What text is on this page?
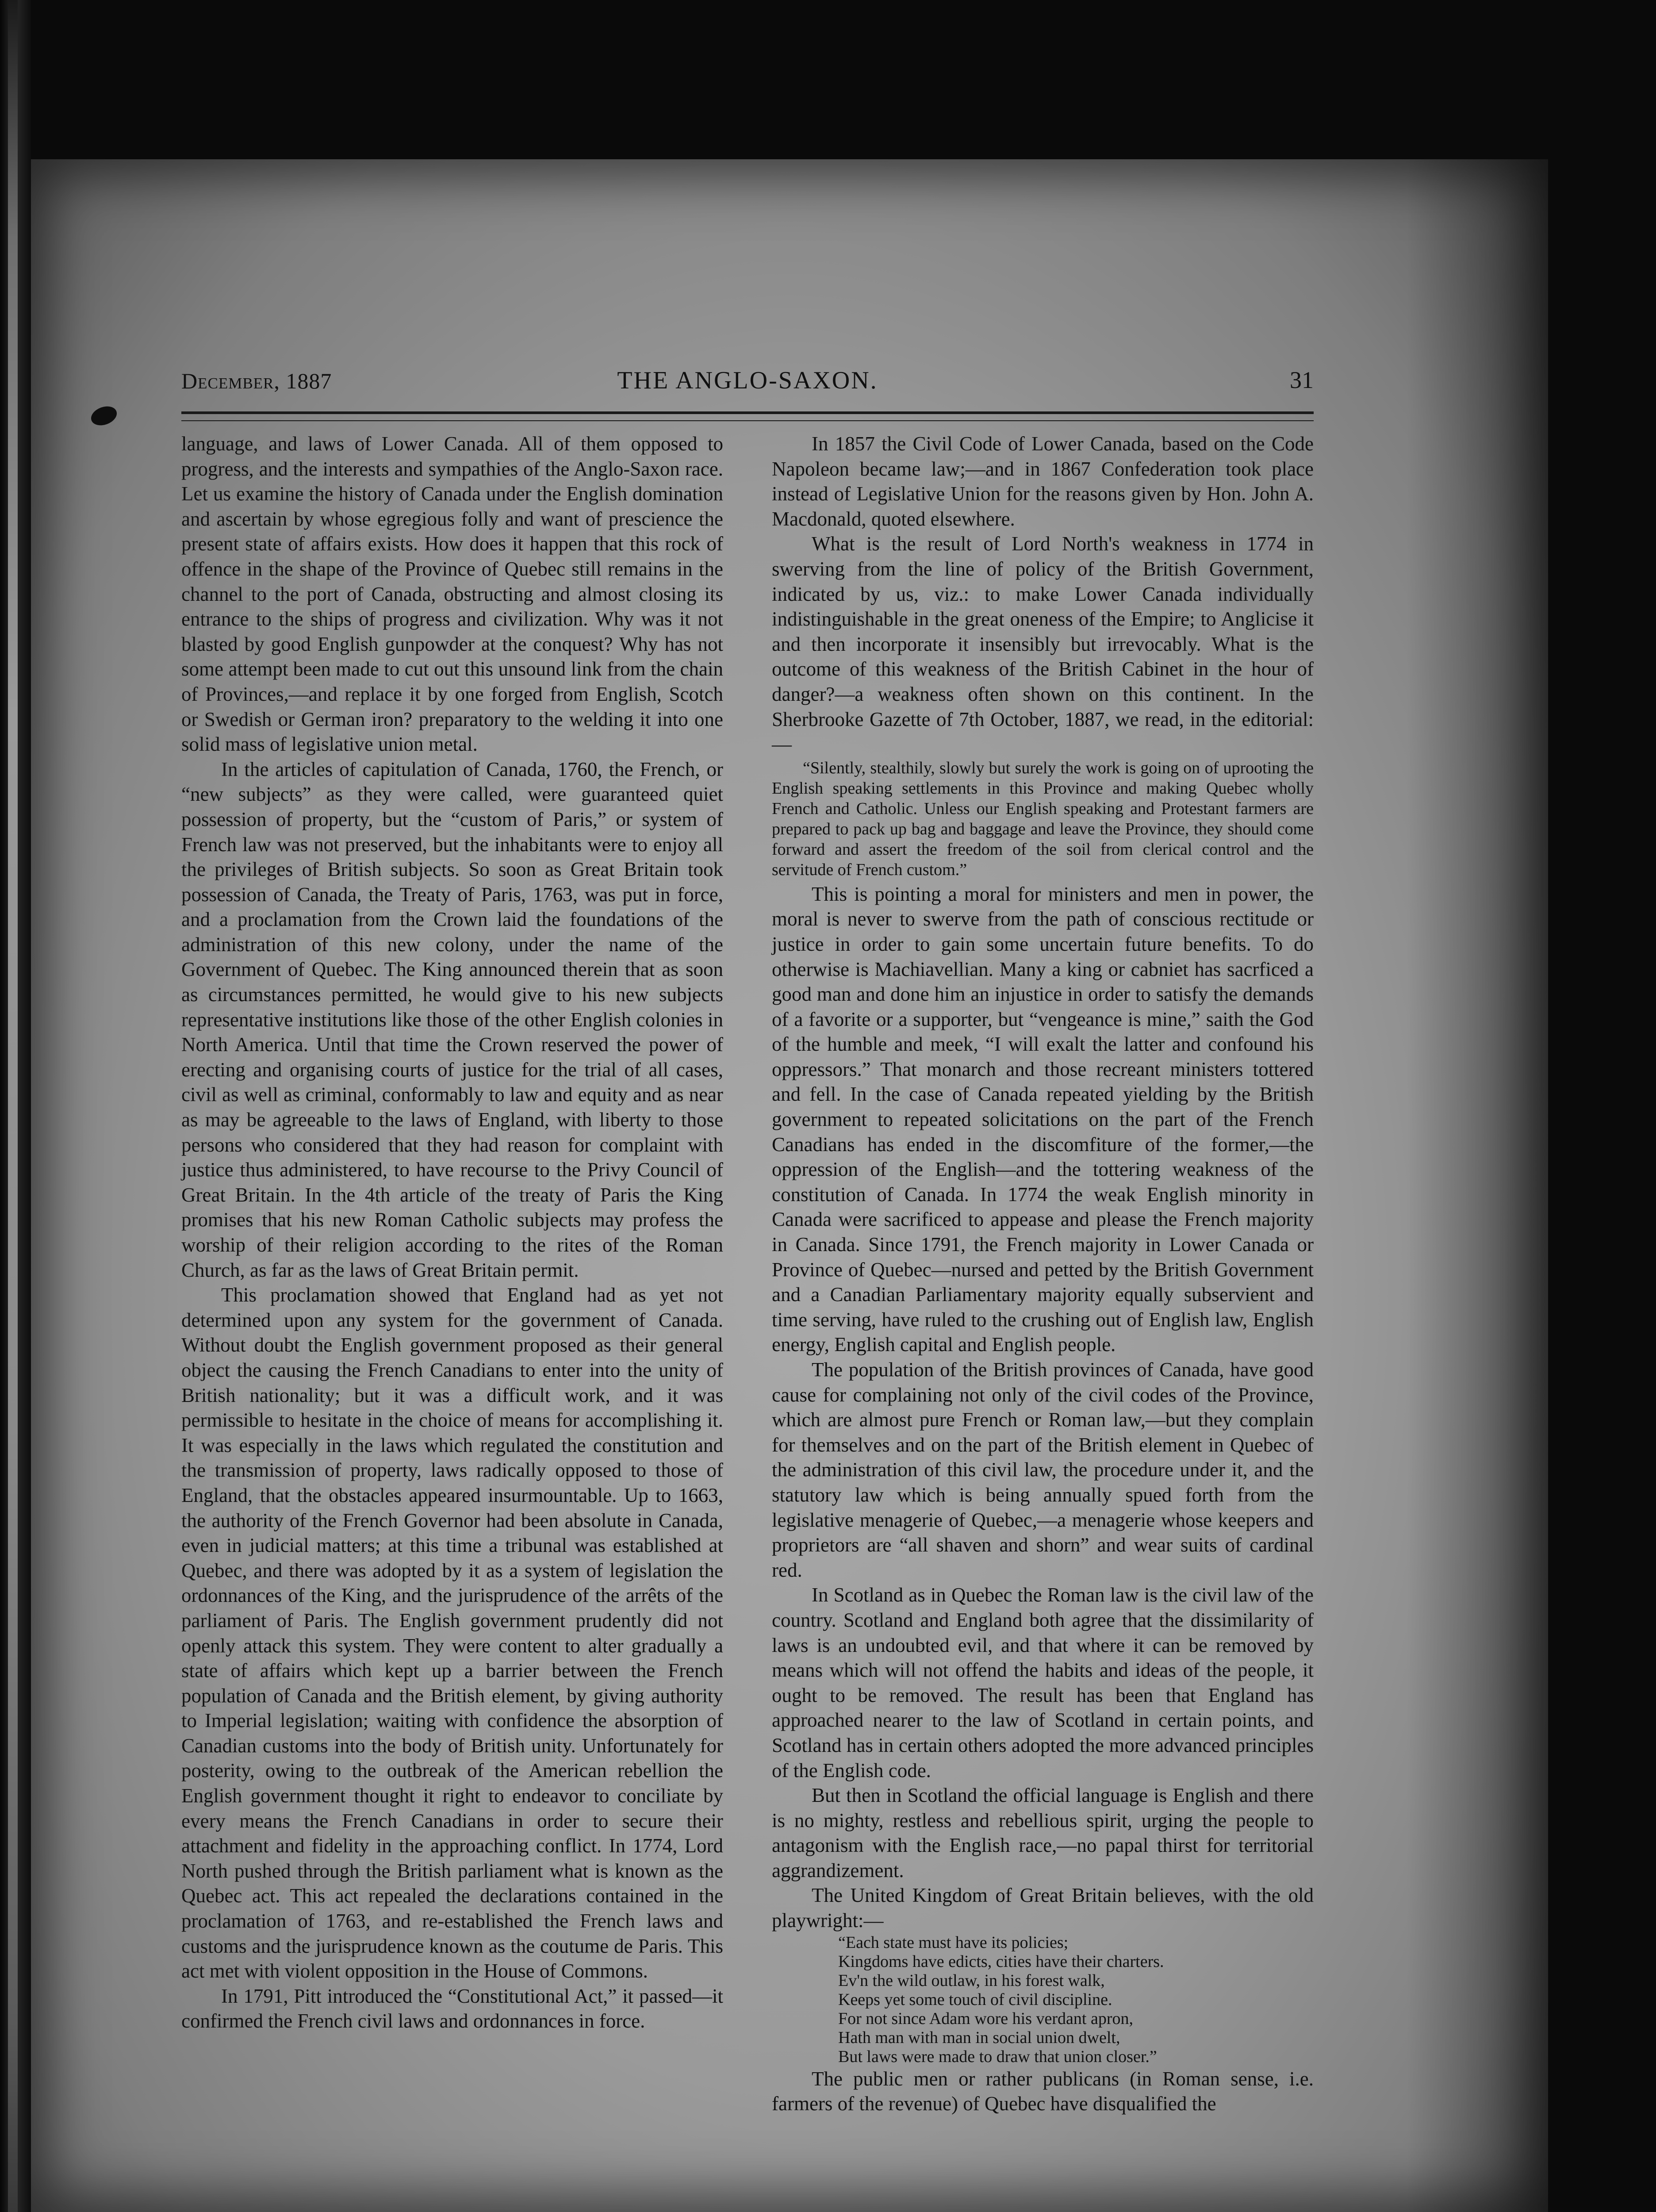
December, 1887	THE ANGLO-SAXON.	31

language, and laws of Lower Canada. All of them opposed to progress, and the interests and sympathies of the Anglo-Saxon race. Let us examine the history of Canada under the English domination and ascertain by whose egregious folly and want of prescience the present state of affairs exists. How does it happen that this rock of offence in the shape of the Province of Quebec still remains in the channel to the port of Canada, obstructing and almost closing its entrance to the ships of progress and civilization. Why was it not blasted by good English gunpowder at the conquest? Why has not some attempt been made to cut out this unsound link from the chain of Provinces,—and replace it by one forged from English, Scotch or Swedish or German iron? preparatory to the welding it into one solid mass of legislative union metal.

In the articles of capitulation of Canada, 1760, the French, or “new subjects” as they were called, were guaranteed quiet possession of property, but the “custom of Paris,” or system of French law was not preserved, but the inhabitants were to enjoy all the privileges of British subjects. So soon as Great Britain took possession of Canada, the Treaty of Paris, 1763, was put in force, and a proclamation from the Crown laid the foundations of the administration of this new colony, under the name of the Government of Quebec. The King announced therein that as soon as circumstances permitted, he would give to his new subjects representative institutions like those of the other English colonies in North America. Until that time the Crown reserved the power of erecting and organising courts of justice for the trial of all cases, civil as well as criminal, conformably to law and equity and as near as may be agreeable to the laws of England, with liberty to those persons who considered that they had reason for complaint with justice thus administered, to have recourse to the Privy Council of Great Britain. In the 4th article of the treaty of Paris the King promises that his new Roman Catholic subjects may profess the worship of their religion according to the rites of the Roman Church, as far as the laws of Great Britain permit.

This proclamation showed that England had as yet not determined upon any system for the government of Canada. Without doubt the English government proposed as their general object the causing the French Canadians to enter into the unity of British nationality; but it was a difficult work, and it was permissible to hesitate in the choice of means for accomplishing it. It was especially in the laws which regulated the constitution and the transmission of property, laws radically opposed to those of England, that the obstacles appeared insurmountable. Up to 1663, the authority of the French Governor had been absolute in Canada, even in judicial matters; at this time a tribunal was established at Quebec, and there was adopted by it as a system of legislation the ordonnances of the King, and the jurisprudence of the arrêts of the parliament of Paris. The English government prudently did not openly attack this system. They were content to alter gradually a state of affairs which kept up a barrier between the French population of Canada and the British element, by giving authority to Imperial legislation; waiting with confidence the absorption of Canadian customs into the body of British unity. Unfortunately for posterity, owing to the outbreak of the American rebellion the English government thought it right to endeavor to conciliate by every means the French Canadians in order to secure their attachment and fidelity in the approaching conflict. In 1774, Lord North pushed through the British parliament what is known as the Quebec act. This act repealed the declarations contained in the proclamation of 1763, and re-established the French laws and customs and the jurisprudence known as the coutume de Paris. This act met with violent opposition in the House of Commons.

In 1791, Pitt introduced the “Constitutional Act,” it passed—it confirmed the French civil laws and ordonnances in force.

In 1857 the Civil Code of Lower Canada, based on the Code Napoleon became law;—and in 1867 Confederation took place instead of Legislative Union for the reasons given by Hon. John A. Macdonald, quoted elsewhere.

What is the result of Lord North's weakness in 1774 in swerving from the line of policy of the British Government, indicated by us, viz.: to make Lower Canada individually indistinguishable in the great oneness of the Empire; to Anglicise it and then incorporate it insensibly but irrevocably. What is the outcome of this weakness of the British Cabinet in the hour of danger?—a weakness often shown on this continent. In the Sherbrooke Gazette of 7th October, 1887, we read, in the editorial:—

“Silently, stealthily, slowly but surely the work is going on of uprooting the English speaking settlements in this Province and making Quebec wholly French and Catholic. Unless our English speaking and Protestant farmers are prepared to pack up bag and baggage and leave the Province, they should come forward and assert the freedom of the soil from clerical control and the servitude of French custom.”

This is pointing a moral for ministers and men in power, the moral is never to swerve from the path of conscious rectitude or justice in order to gain some uncertain future benefits. To do otherwise is Machiavellian. Many a king or cabniet has sacrficed a good man and done him an injustice in order to satisfy the demands of a favorite or a supporter, but “vengeance is mine,” saith the God of the humble and meek, “I will exalt the latter and confound his oppressors.” That monarch and those recreant ministers tottered and fell. In the case of Canada repeated yielding by the British government to repeated solicitations on the part of the French Canadians has ended in the discomfiture of the former,—the oppression of the English—and the tottering weakness of the constitution of Canada. In 1774 the weak English minority in Canada were sacrificed to appease and please the French majority in Canada. Since 1791, the French majority in Lower Canada or Province of Quebec—nursed and petted by the British Government and a Canadian Parliamentary majority equally subservient and time serving, have ruled to the crushing out of English law, English energy, English capital and English people.

The population of the British provinces of Canada, have good cause for complaining not only of the civil codes of the Province, which are almost pure French or Roman law,—but they complain for themselves and on the part of the British element in Quebec of the administration of this civil law, the procedure under it, and the statutory law which is being annually spued forth from the legislative menagerie of Quebec,—a menagerie whose keepers and proprietors are “all shaven and shorn” and wear suits of cardinal red.

In Scotland as in Quebec the Roman law is the civil law of the country. Scotland and England both agree that the dissimilarity of laws is an undoubted evil, and that where it can be removed by means which will not offend the habits and ideas of the people, it ought to be removed. The result has been that England has approached nearer to the law of Scotland in certain points, and Scotland has in certain others adopted the more advanced principles of the English code.

But then in Scotland the official language is English and there is no mighty, restless and rebellious spirit, urging the people to antagonism with the English race,—no papal thirst for territorial aggrandizement.

The United Kingdom of Great Britain believes, with the old playwright:—

“Each state must have its policies;
Kingdoms have edicts, cities have their charters.
Ev'n the wild outlaw, in his forest walk,
Keeps yet some touch of civil discipline.
For not since Adam wore his verdant apron,
Hath man with man in social union dwelt,
But laws were made to draw that union closer.”

The public men or rather publicans (in Roman sense, i.e. farmers of the revenue) of Quebec have disqualified the
